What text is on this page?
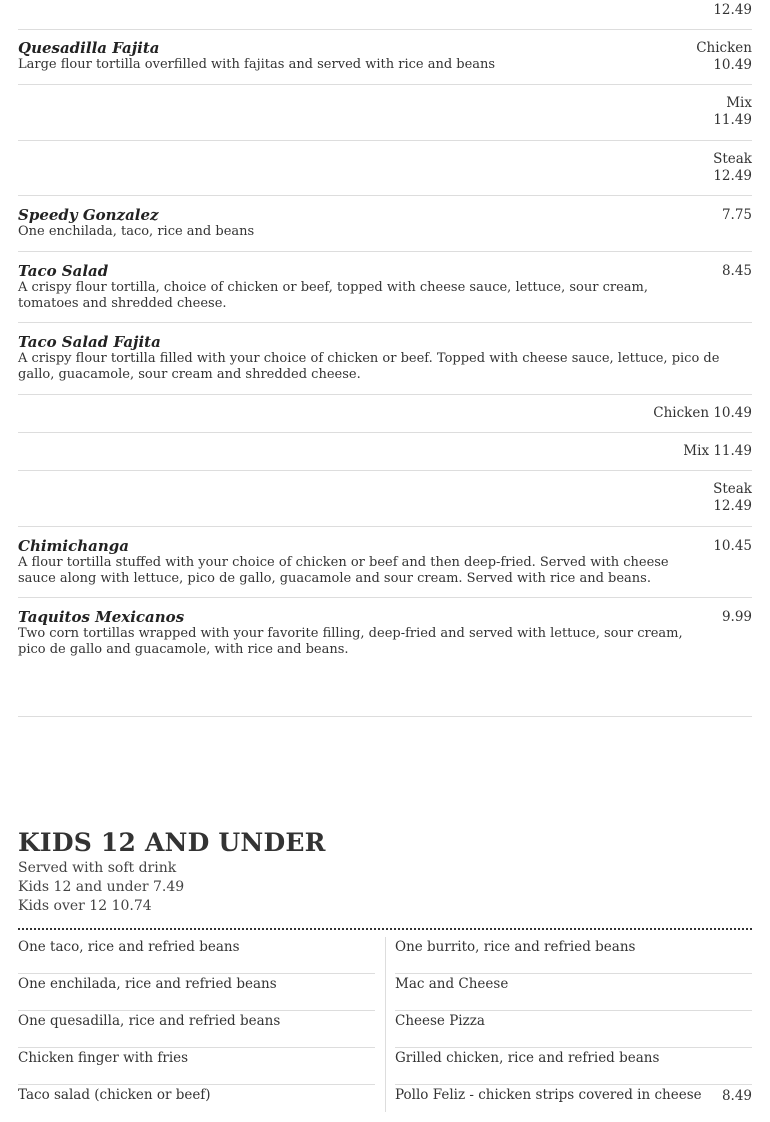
12.49
Quesadilla Fajita
Large flour tortilla overfilled with fajitas and served with rice and beans
Chicken
10.49
Mix
11.49
Steak
12.49
Speedy Gonzalez
One enchilada, taco, rice and beans
7.75
Taco Salad
A crispy flour tortilla, choice of chicken or beef, topped with cheese sauce, lettuce, sour cream, tomatoes and shredded cheese.
8.45
Taco Salad Fajita
A crispy flour tortilla filled with your choice of chicken or beef. Topped with cheese sauce, lettuce, pico de gallo, guacamole, sour cream and shredded cheese.
Chicken 10.49
Mix 11.49
Steak
12.49
Chimichanga
A flour tortilla stuffed with your choice of chicken or beef and then deep-fried. Served with cheese sauce along with lettuce, pico de gallo, guacamole and sour cream. Served with rice and beans.
10.45
Taquitos Mexicanos
Two corn tortillas wrapped with your favorite filling, deep-fried and served with lettuce, sour cream, pico de gallo and guacamole, with rice and beans.
9.99
KIDS 12 AND UNDER
Served with soft drink
Kids 12 and under 7.49
Kids over 12 10.74
One taco, rice and refried beans
One enchilada, rice and refried beans
One quesadilla, rice and refried beans
Chicken finger with fries
Taco salad (chicken or beef)
One burrito, rice and refried beans
Mac and Cheese
Cheese Pizza
Grilled chicken, rice and refried beans
Pollo Feliz - chicken strips covered in cheese 8.49
